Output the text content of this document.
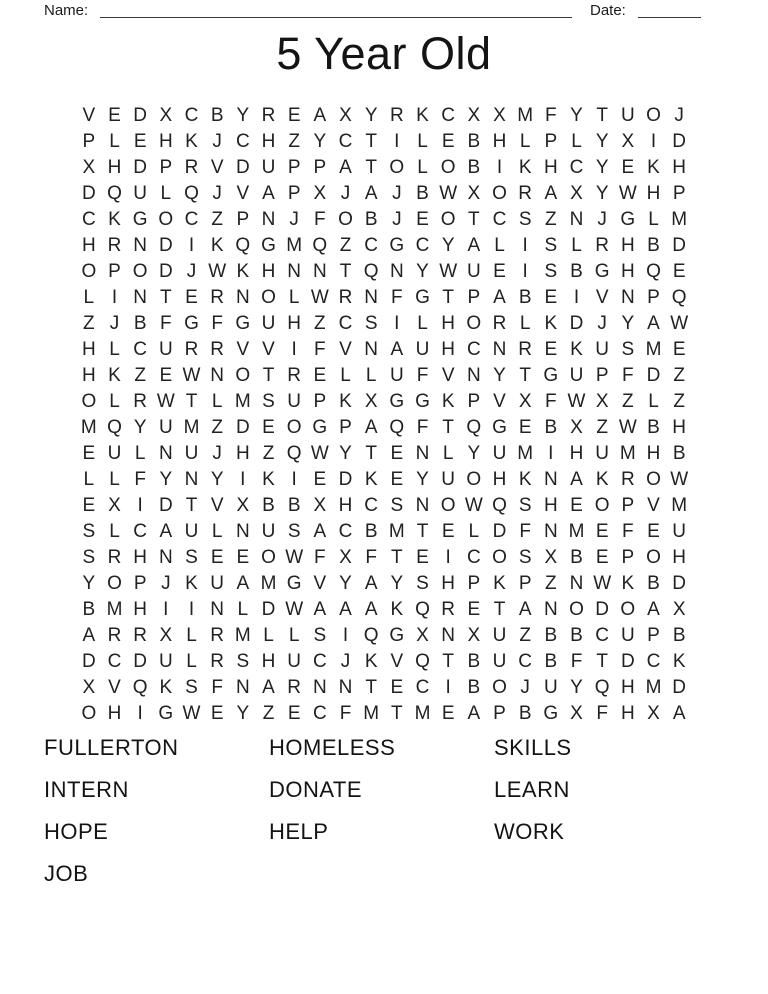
Name:	Date:
5 Year Old
V E D X C B Y R E A X Y R K C X X M F Y T U O J
P L E H K J C H Z Y C T I L E B H L P L Y X I D
X H D P R V D U P P A T O L O B I K H C Y E K H
D Q U L Q J V A P X J A J B W X O R A X Y W H P
C K G O C Z P N J F O B J E O T C S Z N J G L M
H R N D I K Q G M Q Z C G C Y A L I S L R H B D
O P O D J W K H N N T Q N Y W U E I S B G H Q E
L I N T E R N O L W R N F G T P A B E I V N P Q
Z J B F G F G U H Z C S I L H O R L K D J Y A W
H L C U R R V V I F V N A U H C N R E K U S M E
H K Z E W N O T R E L L U F V N Y T G U P F D Z
O L R W T L M S U P K X G G K P V X F W X Z L Z
M Q Y U M Z D E O G P A Q F T Q G E B X Z W B H
E U L N U J H Z Q W Y T E N L Y U M I H U M H B
L L F Y N Y I K I E D K E Y U O H K N A K R O W
E X I D T V X B B X H C S N O W Q S H E O P V M
S L C A U L N U S A C B M T E L D F N M E F E U
S R H N S E E O W F X F T E I C O S X B E P O H
Y O P J K U A M G V Y A Y S H P K P Z N W K B D
B M H I	I N L D W A A A K Q R E T A N O D O A X
A R R X L R M L L S I Q G X N X U Z B B C U P B
D C D U L R S H U C J K V Q T B U C B F T D C K
X V Q K S F N A R N N T E C I B O J U Y Q H M D
O H I G W E Y Z E C F M T M E A P B G X F H X A
FULLERTON
INTERN
HOPE
JOB
HOMELESS
DONATE
HELP
SKILLS
LEARN
WORK
